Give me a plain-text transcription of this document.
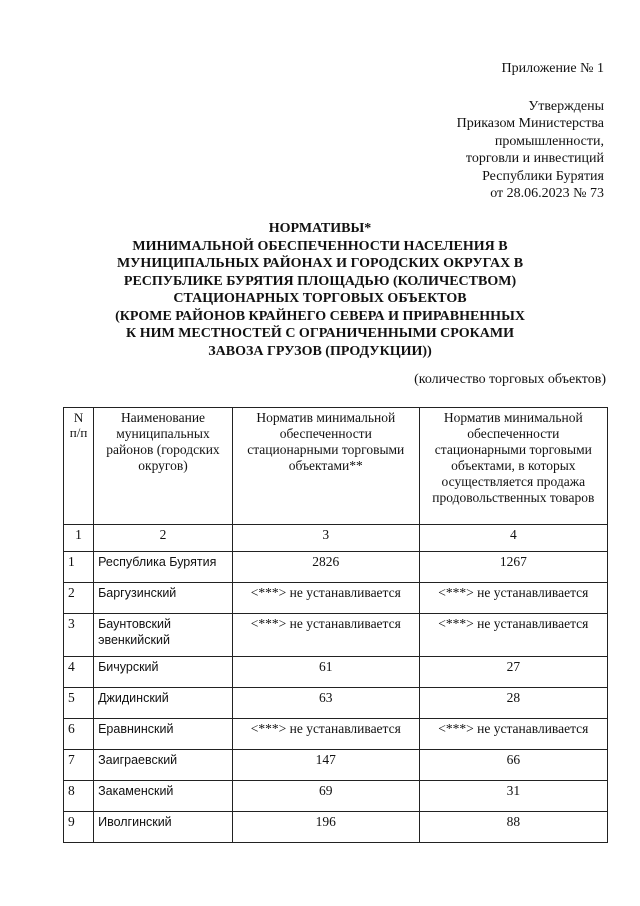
Приложение № 1
Утверждены
Приказом Министерства
промышленности,
торговли и инвестиций
Республики Бурятия
от 28.06.2023 № 73
НОРМАТИВЫ*
МИНИМАЛЬНОЙ ОБЕСПЕЧЕННОСТИ НАСЕЛЕНИЯ В
МУНИЦИПАЛЬНЫХ РАЙОНАХ И ГОРОДСКИХ ОКРУГАХ В
РЕСПУБЛИКЕ БУРЯТИЯ ПЛОЩАДЬЮ (КОЛИЧЕСТВОМ)
СТАЦИОНАРНЫХ ТОРГОВЫХ ОБЪЕКТОВ
(КРОМЕ РАЙОНОВ КРАЙНЕГО СЕВЕРА И ПРИРАВНЕННЫХ
К НИМ МЕСТНОСТЕЙ С ОГРАНИЧЕННЫМИ СРОКАМИ
ЗАВОЗА ГРУЗОВ (ПРОДУКЦИИ))
(количество торговых объектов)
N п/п	Наименование муниципальных районов (городских округов)	Норматив минимальной обеспеченности стационарными торговыми объектами**	Норматив минимальной обеспеченности стационарными торговыми объектами, в которых осуществляется продажа продовольственных товаров
1	2	3	4
1	Республика Бурятия	2826	1267
2	Баргузинский	<***> не устанавливается	<***> не устанавливается
3	Баунтовский эвенкийский	<***> не устанавливается	<***> не устанавливается
4	Бичурский	61	27
5	Джидинский	63	28
6	Еравнинский	<***> не устанавливается	<***> не устанавливается
7	Заиграевский	147	66
8	Закаменский	69	31
9	Иволгинский	196	88
